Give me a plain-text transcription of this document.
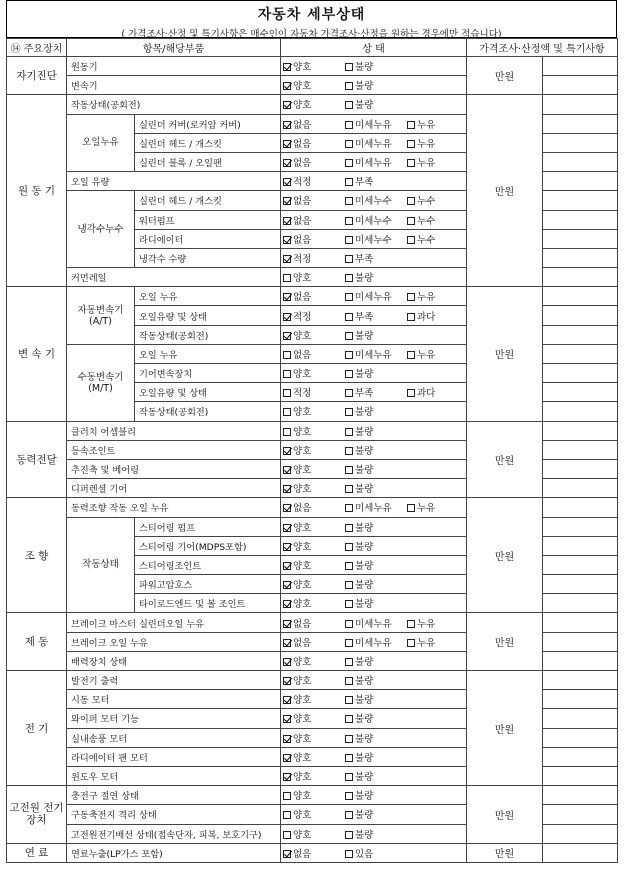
자동차 세부상태
( 가격조사·산정 및 특기사항은 매수인이 자동차 가격조사·산정을 원하는 경우에만 적습니다)
⑭ 주요장치	항목/해당부품		상 태	가격조사·산정액 및 특기사항	
자기진단	원동기		양호 불량	만원	
	변속기		양호 불량		
원 동 기	작동상태(공회전)		양호 불량	만원	
	오일누유	실린더 커버(로커암 커버)	없음 미세누유 누유		
		실린더 헤드 / 개스킷	없음 미세누유 누유		
		실린더 블록 / 오일팬	없음 미세누유 누유		
	오일 유량		적정 부족		
	냉각수누수	실린더 헤드 / 개스킷	없음 미세누수 누수		
		워터펌프	없음 미세누수 누수		
		라디에이터	없음 미세누수 누수		
		냉각수 수량	적정 부족		
	커먼레일		양호 불량		
변 속 기	자동변속기 (A/T)	오일 누유	없음 미세누유 누유	만원	
		오일유량 및 상태	적정 부족 과다		
		작동상태(공회전)	양호 불량		
	수동변속기 (M/T)	오일 누유	없음 미세누유 누유		
		기어변속장치	양호 불량		
		오일유량 및 상태	적정 부족 과다		
		작동상태(공회전)	양호 불량		
동력전달	클러치 어셈블리		양호 불량	만원	
	등속조인트		양호 불량		
	추진축 및 베어링		양호 불량		
	디퍼렌셜 기어		양호 불량		
조 향	동력조향 작동 오일 누유		없음 미세누유 누유	만원	
	작동상태	스티어링 펌프	양호 불량		
		스티어링 기어(MDPS포함)	양호 불량		
		스티어링조인트	양호 불량		
		파워고압호스	양호 불량		
		타이로드엔드 및 볼 조인트	양호 불량		
제 동	브레이크 마스터 실린더오일 누유		없음 미세누유 누유	만원	
	브레이크 오일 누유		없음 미세누유 누유		
	배력장치 상태		양호 불량		
전 기	발전기 출력		양호 불량	만원	
	시동 모터		양호 불량		
	와이퍼 모터 기능		양호 불량		
	실내송풍 모터		양호 불량		
	라디에이터 팬 모터		양호 불량		
	윈도우 모터		양호 불량		
고전원 전기장치	충전구 절연 상태		양호 불량	만원	
	구동축전지 격리 상태		양호 불량		
	고전원전기배선 상태(접속단자, 피복, 보호기구)		양호 불량		
연 료	연료누출(LP가스 포함)		없음 있음	만원	
